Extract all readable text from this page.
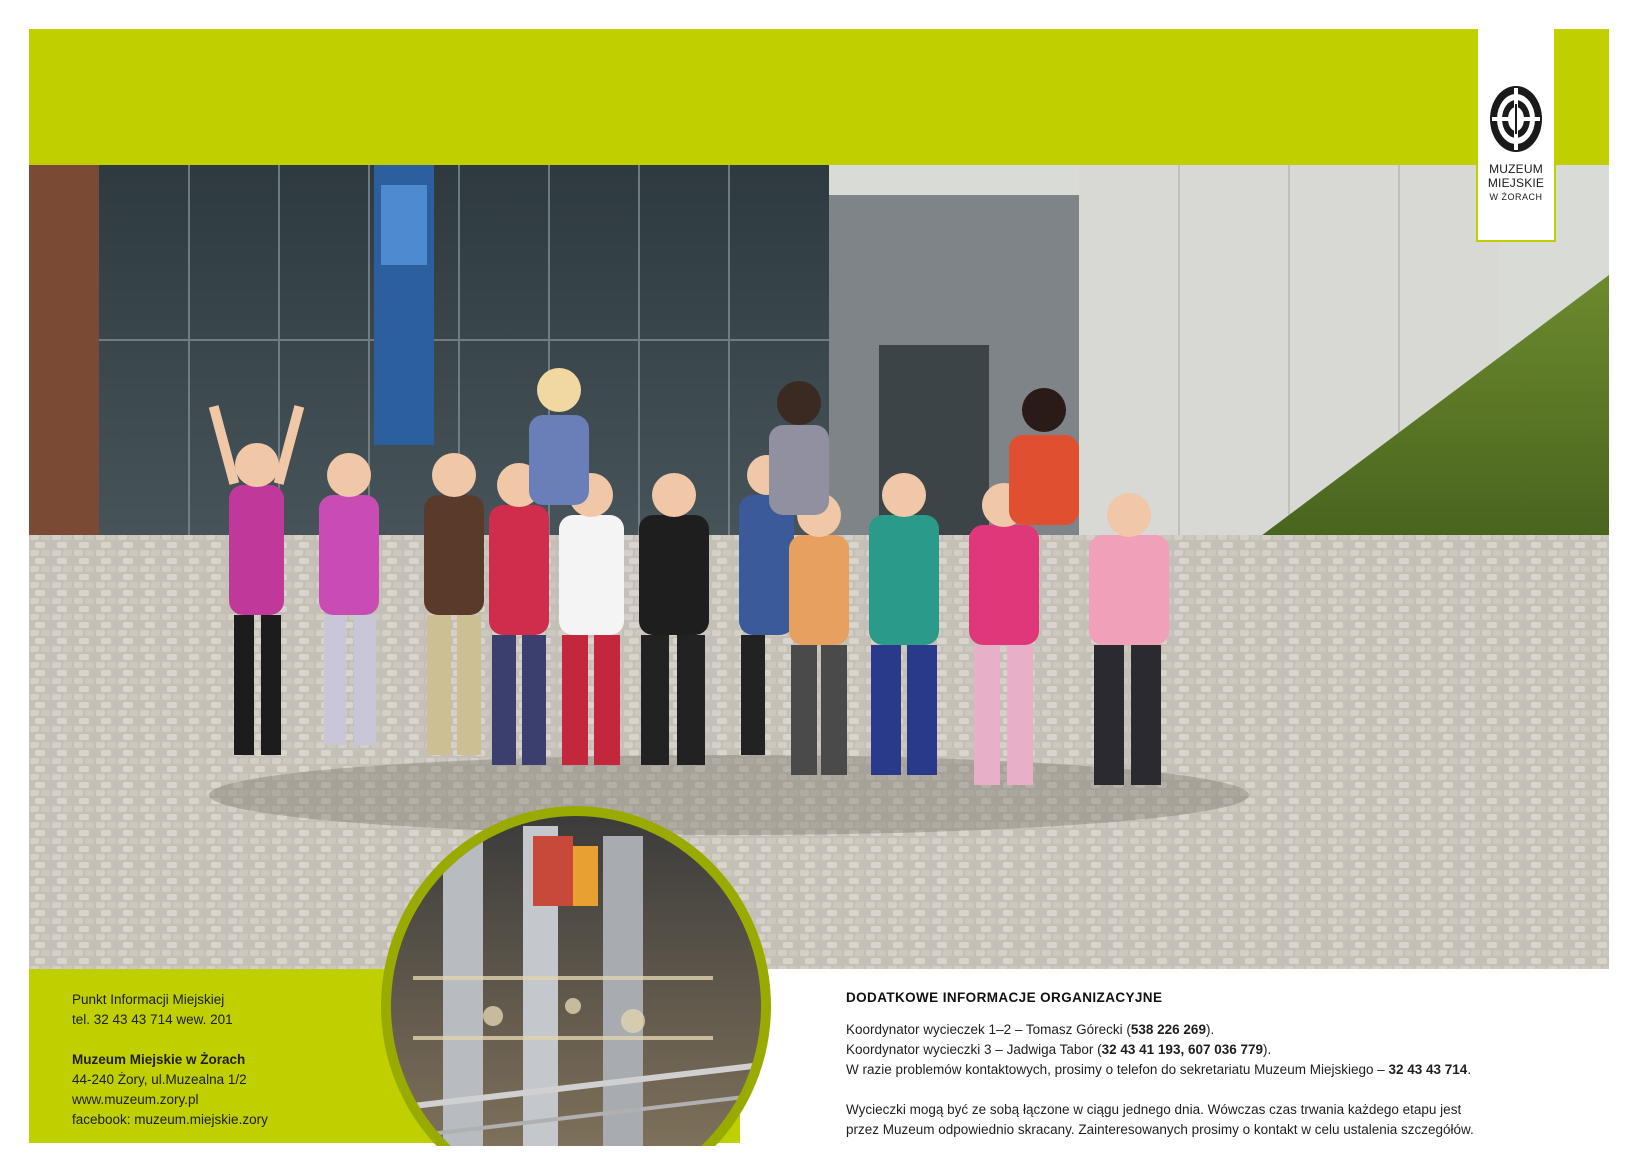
MUZEUM
MIEJSKIE
W ŻORACH
Punkt Informacji Miejskiej
tel. 32 43 43 714 wew. 201
Muzeum Miejskie w Żorach
44-240 Żory, ul.Muzealna 1/2
www.muzeum.zory.pl
facebook: muzeum.miejskie.zory
DODATKOWE INFORMACJE ORGANIZACYJNE

Koordynator wycieczek 1–2 – Tomasz Górecki (538 226 269).

Koordynator wycieczki 3 – Jadwiga Tabor (32 43 41 193, 607 036 779).

W razie problemów kontaktowych, prosimy o telefon do sekretariatu Muzeum Miejskiego – 32 43 43 714.

Wycieczki mogą być ze sobą łączone w ciągu jednego dnia. Wówczas czas trwania każdego etapu jest

przez Muzeum odpowiednio skracany. Zainteresowanych prosimy o kontakt w celu ustalenia szczegółów.
